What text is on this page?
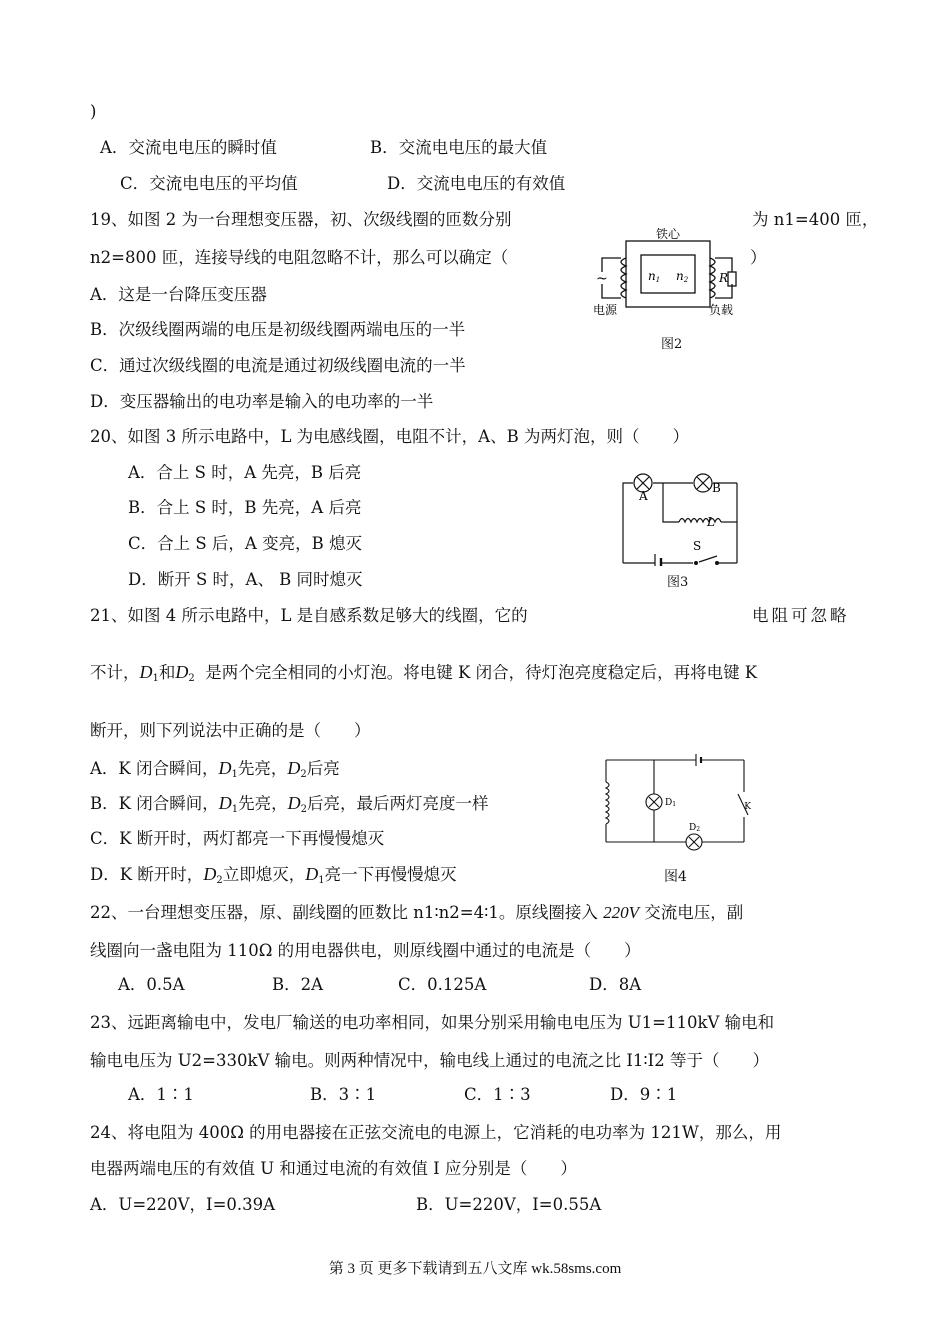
)
A．交流电电压的瞬时值	B．交流电电压的最大值
C．交流电电压的平均值	D．交流电电压的有效值
19、如图 2 为一台理想变压器，初、次级线圈的匝数分别	为 n1=400 匝，
n2=800 匝，连接导线的电阻忽略不计，那么可以确定（	）
A．这是一台降压变压器
B．次级线圈两端的电压是初级线圈两端电压的一半
C．通过次级线圈的电流是通过初级线圈电流的一半
D．变压器输出的电功率是输入的电功率的一半
铁心
~	n1 n2	R
电源	负载
图2
20、如图 3 所示电路中，L 为电感线圈，电阻不计，A、B 为两灯泡，则（　　）
A．合上 S 时，A 先亮，B 后亮
B．合上 S 时，B 先亮，A 后亮
C．合上 S 后，A 变亮，B 熄灭
D．断开 S 时，A、 B 同时熄灭
A
B
L
S
图3
21、如图 4 所示电路中，L 是自感系数足够大的线圈，它的	电阻可忽略
不计，$D_1$和$D_2$ 是两个完全相同的小灯泡。将电键 K 闭合，待灯泡亮度稳定后，再将电键 K
断开，则下列说法中正确的是（　　）
A．K 闭合瞬间，$D_1$先亮，$D_2$后亮
B．K 闭合瞬间，$D_1$先亮，$D_2$后亮，最后两灯亮度一样
C．K 断开时，两灯都亮一下再慢慢熄灭
D．K 断开时，$D_2$立即熄灭，$D_1$亮一下再慢慢熄灭
D1
D2
K
图4
22、一台理想变压器，原、副线圈的匝数比 n1∶n2=4∶1。原线圈接入 220V 交流电压，副
线圈向一盏电阻为 110Ω 的用电器供电，则原线圈中通过的电流是（　　）
A．0.5A	B．2A	C．0.125A	D．8A
23、远距离输电中，发电厂输送的电功率相同，如果分别采用输电电压为 U1=110kV 输电和
输电电压为 U2=330kV 输电。则两种情况中，输电线上通过的电流之比 I1∶I2 等于（　　）
A．1∶1	B．3∶1	C．1∶3	D．9∶1
24、将电阻为 400Ω 的用电器接在正弦交流电的电源上，它消耗的电功率为 121W，那么，用
电器两端电压的有效值 U 和通过电流的有效值 I 应分别是（　　）
A．U=220V，I=0.39A	B．U=220V，I=0.55A
第 3 页 更多下载请到五八文库 wk.58sms.com
